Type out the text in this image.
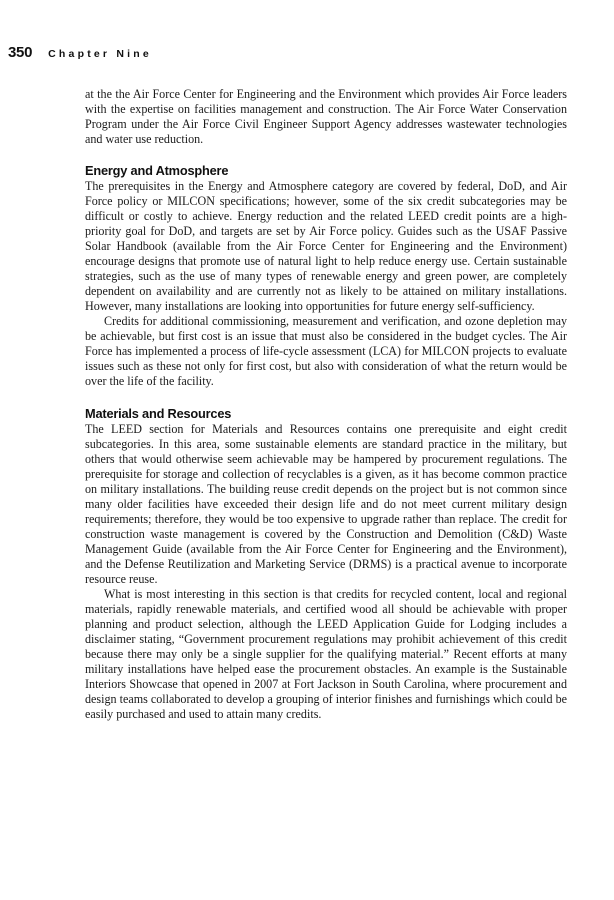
350 Chapter Nine

at the the Air Force Center for Engineering and the Environment which provides Air Force leaders with the expertise on facilities management and construction. The Air Force Water Conservation Program under the Air Force Civil Engineer Support Agency addresses wastewater technologies and water use reduction.

Energy and Atmosphere

The prerequisites in the Energy and Atmosphere category are covered by federal, DoD, and Air Force policy or MILCON specifications; however, some of the six credit subcategories may be difficult or costly to achieve. Energy reduction and the related LEED credit points are a high-priority goal for DoD, and targets are set by Air Force policy. Guides such as the USAF Passive Solar Handbook (available from the Air Force Center for Engineering and the Environment) encourage designs that promote use of natural light to help reduce energy use. Certain sustainable strategies, such as the use of many types of renewable energy and green power, are completely dependent on availability and are currently not as likely to be attained on military installations. However, many installations are looking into opportunities for future energy self-sufficiency.

Credits for additional commissioning, measurement and verification, and ozone depletion may be achievable, but first cost is an issue that must also be considered in the budget cycles. The Air Force has implemented a process of life-cycle assessment (LCA) for MILCON projects to evaluate issues such as these not only for first cost, but also with consideration of what the return would be over the life of the facility.

Materials and Resources

The LEED section for Materials and Resources contains one prerequisite and eight credit subcategories. In this area, some sustainable elements are standard practice in the military, but others that would otherwise seem achievable may be hampered by procurement regulations. The prerequisite for storage and collection of recyclables is a given, as it has become common practice on military installations. The building reuse credit depends on the project but is not common since many older facilities have exceeded their design life and do not meet current military design requirements; therefore, they would be too expensive to upgrade rather than replace. The credit for construction waste management is covered by the Construction and Demolition (C&D) Waste Management Guide (available from the Air Force Center for Engineering and the Environment), and the Defense Reutilization and Marketing Service (DRMS) is a practical avenue to incorporate resource reuse.

What is most interesting in this section is that credits for recycled content, local and regional materials, rapidly renewable materials, and certified wood all should be achievable with proper planning and product selection, although the LEED Application Guide for Lodging includes a disclaimer stating, “Government procurement regulations may prohibit achievement of this credit because there may only be a single supplier for the qualifying material.” Recent efforts at many military installations have helped ease the procurement obstacles. An example is the Sustainable Interiors Showcase that opened in 2007 at Fort Jackson in South Carolina, where procurement and design teams collaborated to develop a grouping of interior finishes and furnishings which could be easily purchased and used to attain many credits.
